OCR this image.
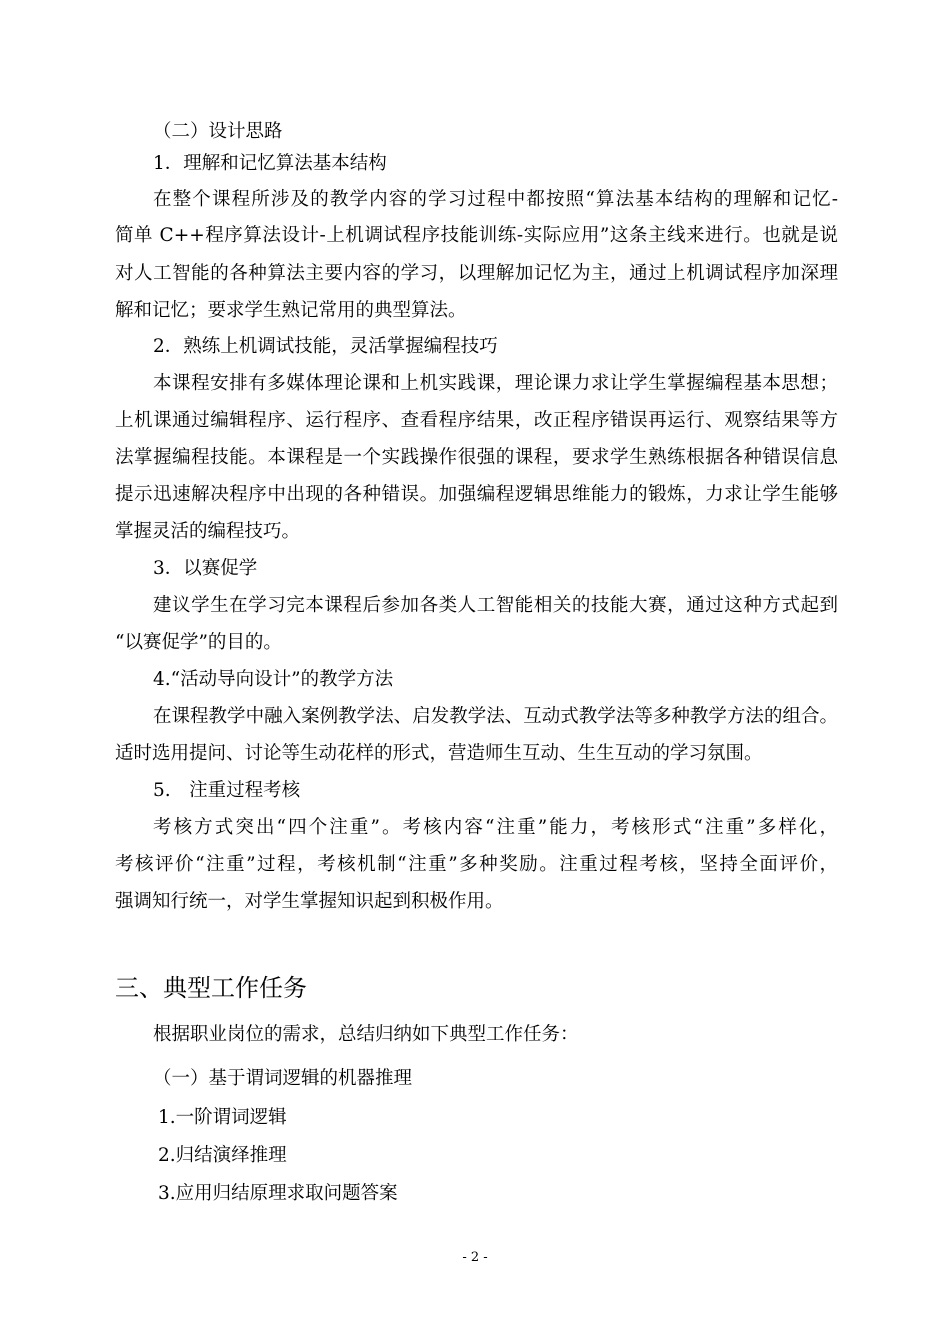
（二）设计思路
1．理解和记忆算法基本结构
在整个课程所涉及的教学内容的学习过程中都按照“算法基本结构的理解和记忆-
简单 C++程序算法设计-上机调试程序技能训练-实际应用”这条主线来进行。也就是说
对人工智能的各种算法主要内容的学习，以理解加记忆为主，通过上机调试程序加深理
解和记忆；要求学生熟记常用的典型算法。
2．熟练上机调试技能，灵活掌握编程技巧
本课程安排有多媒体理论课和上机实践课，理论课力求让学生掌握编程基本思想；
上机课通过编辑程序、运行程序、查看程序结果，改正程序错误再运行、观察结果等方
法掌握编程技能。本课程是一个实践操作很强的课程，要求学生熟练根据各种错误信息
提示迅速解决程序中出现的各种错误。加强编程逻辑思维能力的锻炼，力求让学生能够
掌握灵活的编程技巧。
3．以赛促学
建议学生在学习完本课程后参加各类人工智能相关的技能大赛，通过这种方式起到
“以赛促学”的目的。
4.“活动导向设计”的教学方法
在课程教学中融入案例教学法、启发教学法、互动式教学法等多种教学方法的组合。
适时选用提问、讨论等生动花样的形式，营造师生互动、生生互动的学习氛围。
5.　注重过程考核
考核方式突出“四个注重”。考核内容“注重”能力，考核形式“注重”多样化，
考核评价“注重”过程，考核机制“注重”多种奖励。注重过程考核，坚持全面评价，
强调知行统一，对学生掌握知识起到积极作用。
三、典型工作任务
根据职业岗位的需求，总结归纳如下典型工作任务：
（一）基于谓词逻辑的机器推理
1.一阶谓词逻辑
2.归结演绎推理
3.应用归结原理求取问题答案
- 2 -
